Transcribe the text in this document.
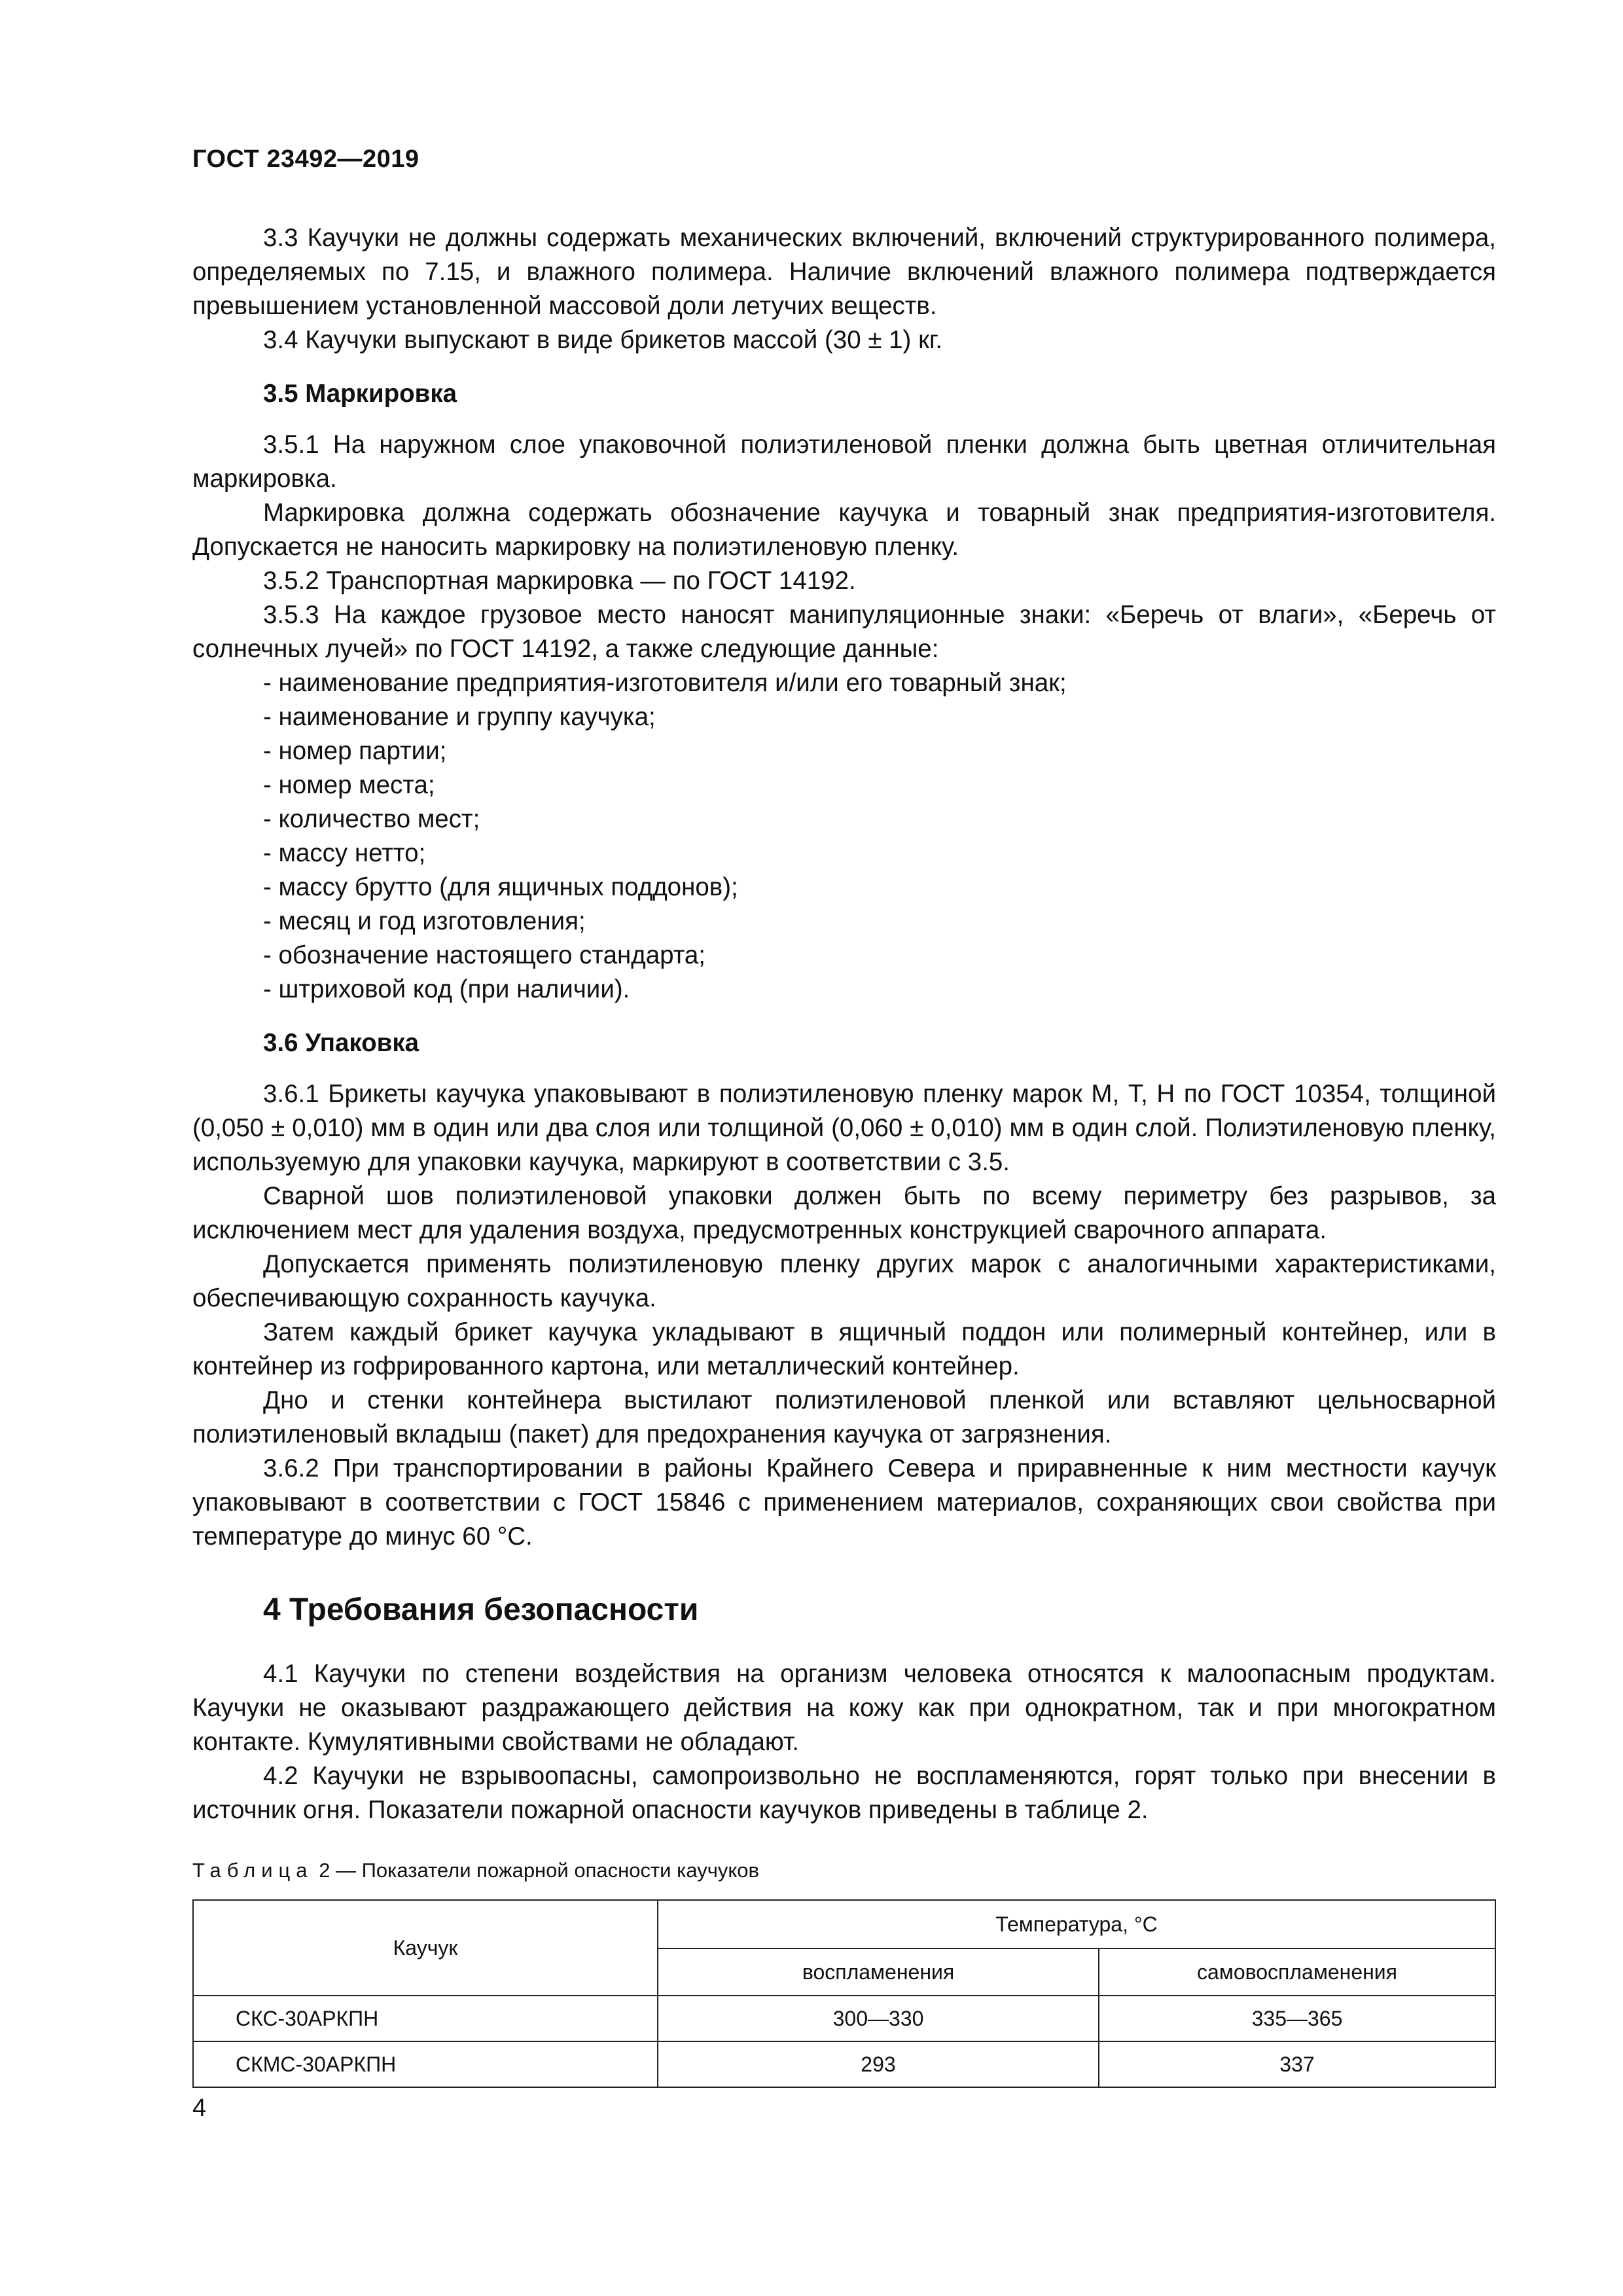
ГОСТ 23492—2019

3.3 Каучуки не должны содержать механических включений, включений структурированного полимера, определяемых по 7.15, и влажного полимера. Наличие включений влажного полимера подтверждается превышением установленной массовой доли летучих веществ.

3.4 Каучуки выпускают в виде брикетов массой (30 ± 1) кг.

3.5 Маркировка

3.5.1 На наружном слое упаковочной полиэтиленовой пленки должна быть цветная отличительная маркировка.

Маркировка должна содержать обозначение каучука и товарный знак предприятия-изготовителя. Допускается не наносить маркировку на полиэтиленовую пленку.

3.5.2 Транспортная маркировка — по ГОСТ 14192.

3.5.3 На каждое грузовое место наносят манипуляционные знаки: «Беречь от влаги», «Беречь от солнечных лучей» по ГОСТ 14192, а также следующие данные:

- наименование предприятия-изготовителя и/или его товарный знак;
- наименование и группу каучука;
- номер партии;
- номер места;
- количество мест;
- массу нетто;
- массу брутто (для ящичных поддонов);
- месяц и год изготовления;
- обозначение настоящего стандарта;
- штриховой код (при наличии).
3.6 Упаковка

3.6.1 Брикеты каучука упаковывают в полиэтиленовую пленку марок М, Т, Н по ГОСТ 10354, толщиной (0,050 ± 0,010) мм в один или два слоя или толщиной (0,060 ± 0,010) мм в один слой. Полиэтиленовую пленку, используемую для упаковки каучука, маркируют в соответствии с 3.5.

Сварной шов полиэтиленовой упаковки должен быть по всему периметру без разрывов, за исключением мест для удаления воздуха, предусмотренных конструкцией сварочного аппарата.

Допускается применять полиэтиленовую пленку других марок с аналогичными характеристиками, обеспечивающую сохранность каучука.

Затем каждый брикет каучука укладывают в ящичный поддон или полимерный контейнер, или в контейнер из гофрированного картона, или металлический контейнер.

Дно и стенки контейнера выстилают полиэтиленовой пленкой или вставляют цельносварной полиэтиленовый вкладыш (пакет) для предохранения каучука от загрязнения.

3.6.2 При транспортировании в районы Крайнего Севера и приравненные к ним местности каучук упаковывают в соответствии с ГОСТ 15846 с применением материалов, сохраняющих свои свойства при температуре до минус 60 °С.

4 Требования безопасности

4.1 Каучуки по степени воздействия на организм человека относятся к малоопасным продуктам. Каучуки не оказывают раздражающего действия на кожу как при однократном, так и при многократном контакте. Кумулятивными свойствами не обладают.

4.2 Каучуки не взрывоопасны, самопроизвольно не воспламеняются, горят только при внесении в источник огня. Показатели пожарной опасности каучуков приведены в таблице 2.

Таблица 2 — Показатели пожарной опасности каучуков
Каучук	Температура, °С	
	воспламенения	самовоспламенения
СКС-30АРКПН	300—330	335—365
СКМС-30АРКПН	293	337
4
